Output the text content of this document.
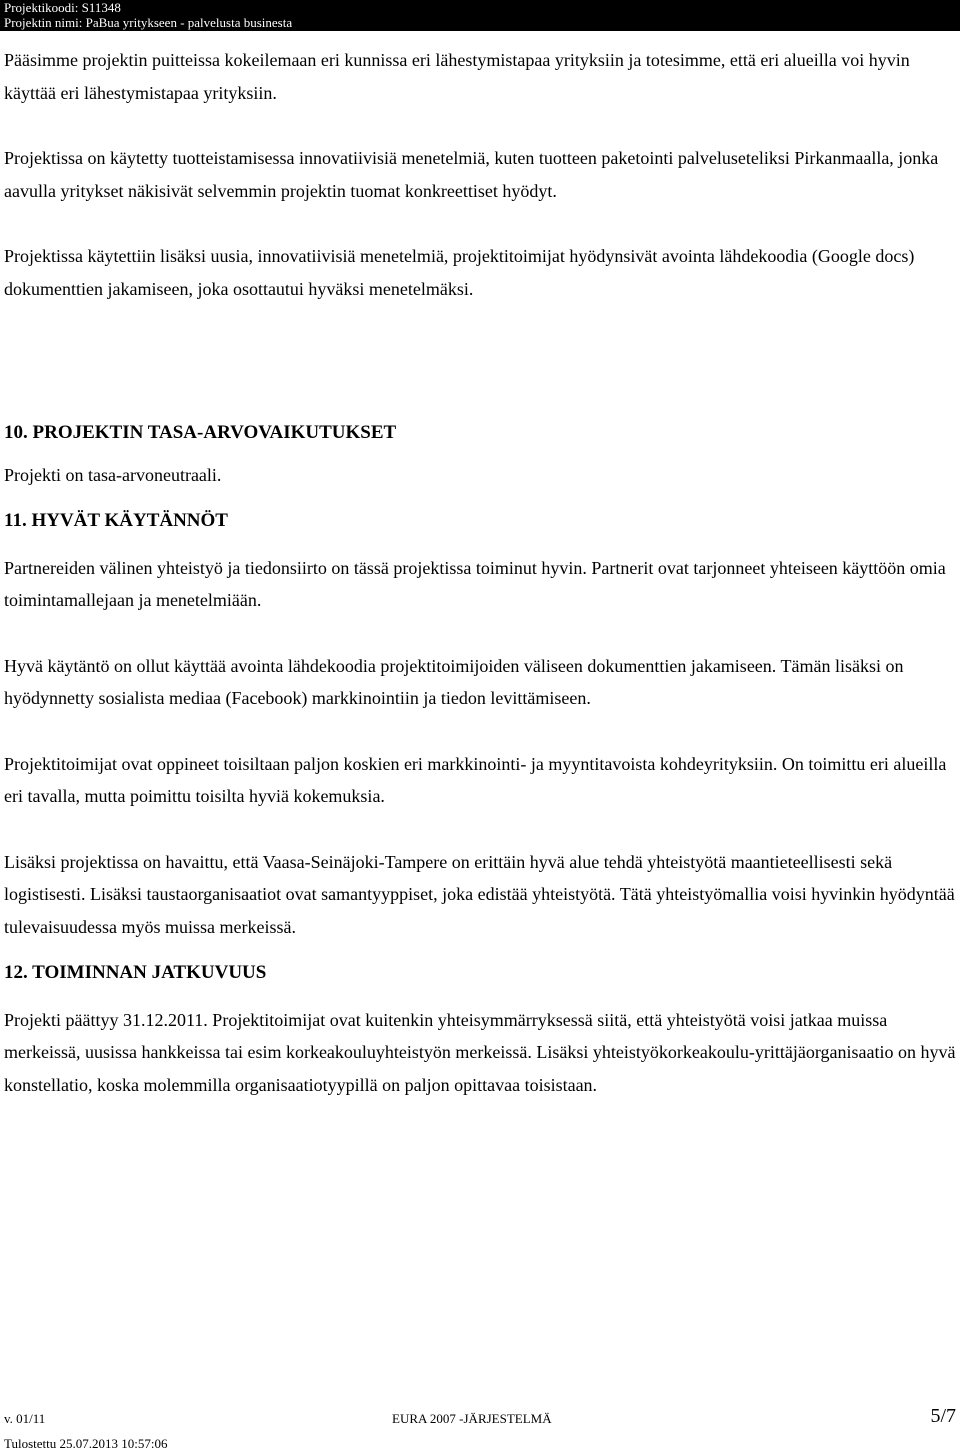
Projektikoodi: S11348
Projektin nimi: PaBua yritykseen - palvelusta businesta

Pääsimme projektin puitteissa kokeilemaan eri kunnissa eri lähestymistapaa yrityksiin ja totesimme, että eri alueilla voi hyvin käyttää eri lähestymistapaa yrityksiin.

Projektissa on käytetty tuotteistamisessa innovatiivisiä menetelmiä, kuten tuotteen paketointi palveluseteliksi Pirkanmaalla, jonka aavulla yritykset näkisivät selvemmin projektin tuomat konkreettiset hyödyt.

Projektissa käytettiin lisäksi uusia, innovatiivisiä menetelmiä, projektitoimijat hyödynsivät avointa lähdekoodia (Google docs) dokumenttien jakamiseen, joka osottautui hyväksi menetelmäksi.

10. PROJEKTIN TASA-ARVOVAIKUTUKSET

Projekti on tasa-arvoneutraali.

11. HYVÄT KÄYTÄNNÖT

Partnereiden välinen yhteistyö ja tiedonsiirto on tässä projektissa toiminut hyvin. Partnerit ovat tarjonneet yhteiseen käyttöön omia toimintamallejaan ja menetelmiään.

Hyvä käytäntö on ollut käyttää avointa lähdekoodia projektitoimijoiden väliseen dokumenttien jakamiseen. Tämän lisäksi on hyödynnetty sosialista mediaa (Facebook) markkinointiin ja tiedon levittämiseen.

Projektitoimijat ovat oppineet toisiltaan paljon koskien eri markkinointi- ja myyntitavoista kohdeyrityksiin. On toimittu eri alueilla eri tavalla, mutta poimittu toisilta hyviä kokemuksia.

Lisäksi projektissa on havaittu, että Vaasa-Seinäjoki-Tampere on erittäin hyvä alue tehdä yhteistyötä maantieteellisesti sekä logistisesti. Lisäksi taustaorganisaatiot ovat samantyyppiset, joka edistää yhteistyötä. Tätä yhteistyömallia voisi hyvinkin hyödyntää tulevaisuudessa myös muissa merkeissä.

12. TOIMINNAN JATKUVUUS

Projekti päättyy 31.12.2011. Projektitoimijat ovat kuitenkin yhteisymmärryksessä siitä, että yhteistyötä voisi jatkaa muissa merkeissä, uusissa hankkeissa tai esim korkeakouluyhteistyön merkeissä. Lisäksi yhteistyökorkeakoulu-yrittäjäorganisaatio on hyvä konstellatio, koska molemmilla organisaatiotyypillä on paljon opittavaa toisistaan.

v. 01/11	EURA 2007 -JÄRJESTELMÄ	5/7
Tulostettu 25.07.2013 10:57:06
